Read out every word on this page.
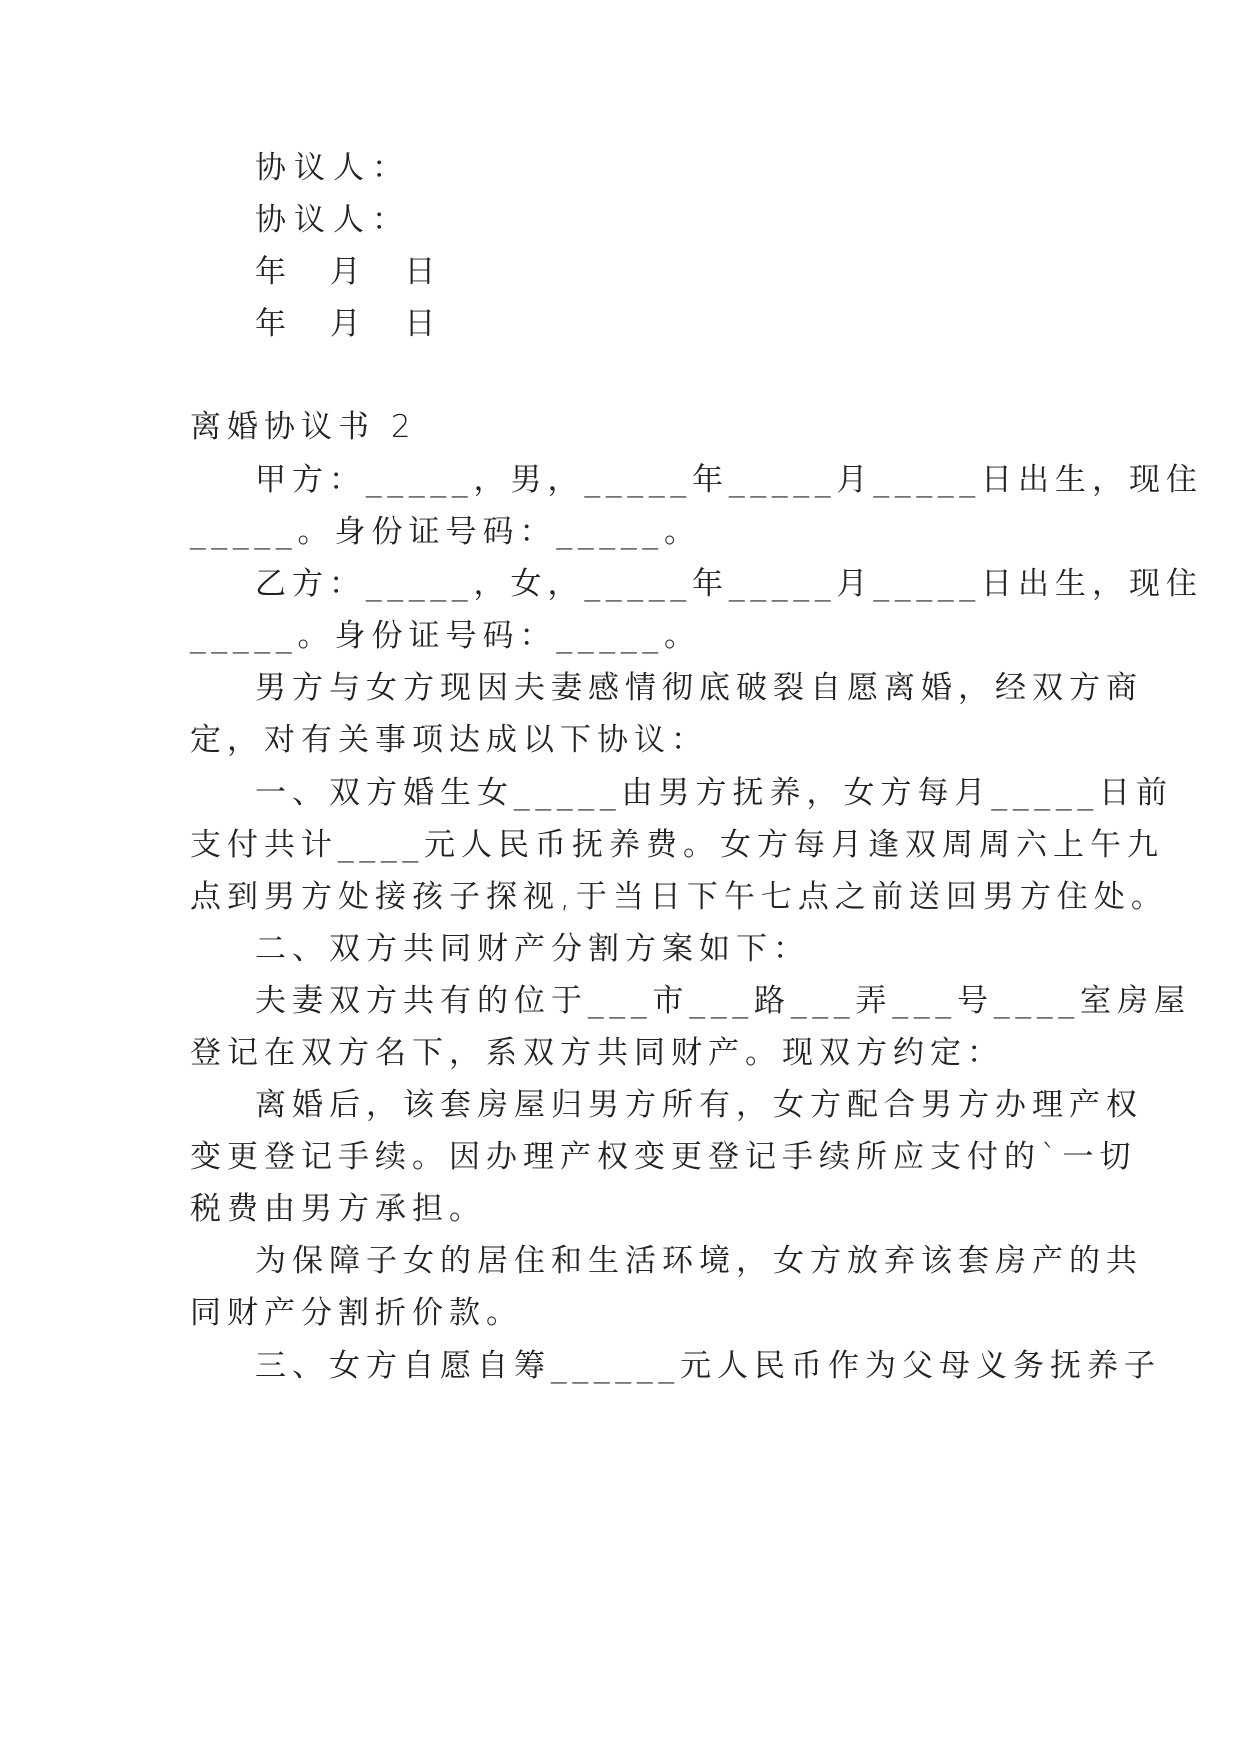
协议人：
协议人：
年  月  日
年  月  日
离婚协议书 2
甲方：_____，男，_____年_____月_____日出生，现住
_____。身份证号码：_____。
乙方：_____，女，_____年_____月_____日出生，现住
_____。身份证号码：_____。
男方与女方现因夫妻感情彻底破裂自愿离婚，经双方商
定，对有关事项达成以下协议：
一、双方婚生女_____由男方抚养，女方每月_____日前
支付共计____元人民币抚养费。女方每月逢双周周六上午九
点到男方处接孩子探视,于当日下午七点之前送回男方住处。
二、双方共同财产分割方案如下：
夫妻双方共有的位于___市___路___弄___号____室房屋
登记在双方名下，系双方共同财产。现双方约定：
离婚后，该套房屋归男方所有，女方配合男方办理产权
变更登记手续。因办理产权变更登记手续所应支付的`一切
税费由男方承担。
为保障子女的居住和生活环境，女方放弃该套房产的共
同财产分割折价款。
三、女方自愿自筹______元人民币作为父母义务抚养子
